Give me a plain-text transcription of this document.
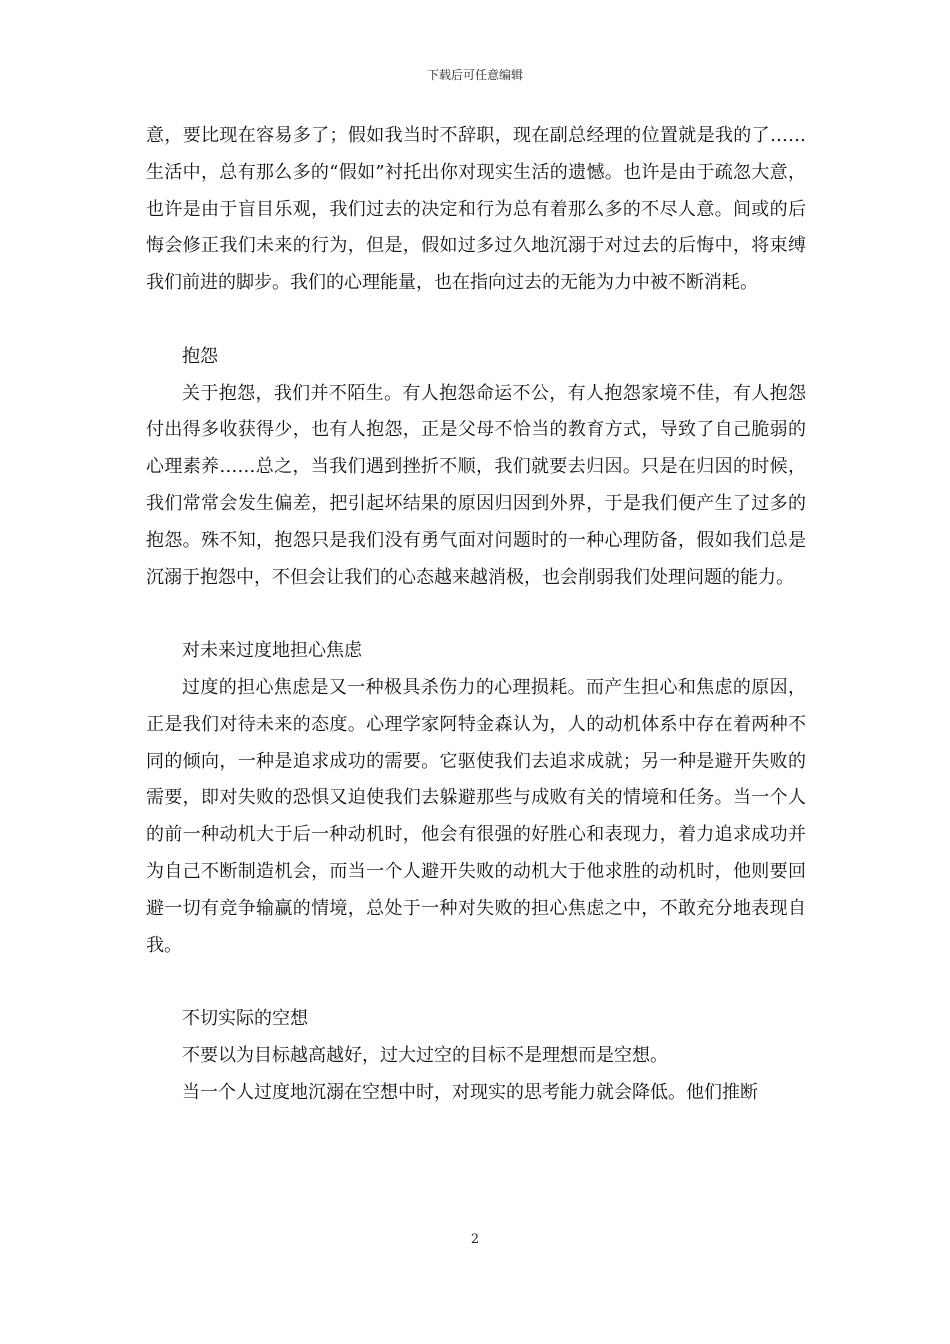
下载后可任意编辑

意，要比现在容易多了；假如我当时不辞职，现在副总经理的位置就是我的了……生活中，总有那么多的“假如”衬托出你对现实生活的遗憾。也许是由于疏忽大意，也许是由于盲目乐观，我们过去的决定和行为总有着那么多的不尽人意。间或的后悔会修正我们未来的行为，但是，假如过多过久地沉溺于对过去的后悔中，将束缚我们前进的脚步。我们的心理能量，也在指向过去的无能为力中被不断消耗。

抱怨

关于抱怨，我们并不陌生。有人抱怨命运不公，有人抱怨家境不佳，有人抱怨付出得多收获得少，也有人抱怨，正是父母不恰当的教育方式，导致了自己脆弱的心理素养……总之，当我们遇到挫折不顺，我们就要去归因。只是在归因的时候，我们常常会发生偏差，把引起坏结果的原因归因到外界，于是我们便产生了过多的抱怨。殊不知，抱怨只是我们没有勇气面对问题时的一种心理防备，假如我们总是沉溺于抱怨中，不但会让我们的心态越来越消极，也会削弱我们处理问题的能力。

对未来过度地担心焦虑

过度的担心焦虑是又一种极具杀伤力的心理损耗。而产生担心和焦虑的原因，正是我们对待未来的态度。心理学家阿特金森认为，人的动机体系中存在着两种不同的倾向，一种是追求成功的需要。它驱使我们去追求成就；另一种是避开失败的需要，即对失败的恐惧又迫使我们去躲避那些与成败有关的情境和任务。当一个人的前一种动机大于后一种动机时，他会有很强的好胜心和表现力，着力追求成功并为自己不断制造机会，而当一个人避开失败的动机大于他求胜的动机时，他则要回避一切有竞争输赢的情境，总处于一种对失败的担心焦虑之中，不敢充分地表现自我。

不切实际的空想

不要以为目标越高越好，过大过空的目标不是理想而是空想。

当一个人过度地沉溺在空想中时，对现实的思考能力就会降低。他们推断

2
